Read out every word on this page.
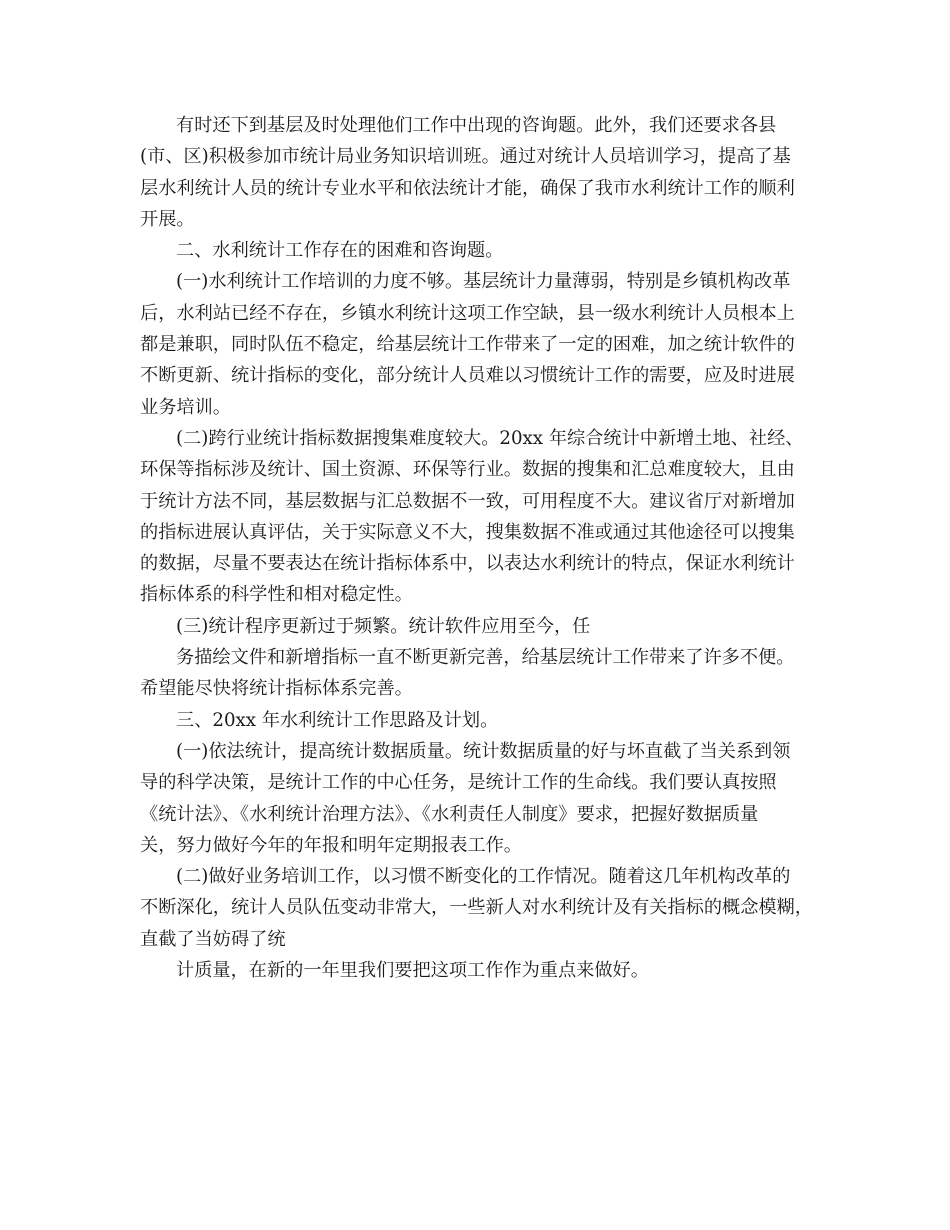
有时还下到基层及时处理他们工作中出现的咨询题。此外，我们还要求各县
(市、区)积极参加市统计局业务知识培训班。通过对统计人员培训学习，提高了基
层水利统计人员的统计专业水平和依法统计才能，确保了我市水利统计工作的顺利
开展。
二、水利统计工作存在的困难和咨询题。
(一)水利统计工作培训的力度不够。基层统计力量薄弱，特别是乡镇机构改革
后，水利站已经不存在，乡镇水利统计这项工作空缺，县一级水利统计人员根本上
都是兼职，同时队伍不稳定，给基层统计工作带来了一定的困难，加之统计软件的
不断更新、统计指标的变化，部分统计人员难以习惯统计工作的需要，应及时进展
业务培训。
(二)跨行业统计指标数据搜集难度较大。20xx 年综合统计中新增土地、社经、
环保等指标涉及统计、国土资源、环保等行业。数据的搜集和汇总难度较大，且由
于统计方法不同，基层数据与汇总数据不一致，可用程度不大。建议省厅对新增加
的指标进展认真评估，关于实际意义不大，搜集数据不准或通过其他途径可以搜集
的数据，尽量不要表达在统计指标体系中，以表达水利统计的特点，保证水利统计
指标体系的科学性和相对稳定性。
(三)统计程序更新过于频繁。统计软件应用至今，任
务描绘文件和新增指标一直不断更新完善，给基层统计工作带来了许多不便。
希望能尽快将统计指标体系完善。
三、20xx 年水利统计工作思路及计划。
(一)依法统计，提高统计数据质量。统计数据质量的好与坏直截了当关系到领
导的科学决策，是统计工作的中心任务，是统计工作的生命线。我们要认真按照
《统计法》、《水利统计治理方法》、《水利责任人制度》要求，把握好数据质量
关，努力做好今年的年报和明年定期报表工作。
(二)做好业务培训工作，以习惯不断变化的工作情况。随着这几年机构改革的
不断深化，统计人员队伍变动非常大，一些新人对水利统计及有关指标的概念模糊，
直截了当妨碍了统
计质量，在新的一年里我们要把这项工作作为重点来做好。
